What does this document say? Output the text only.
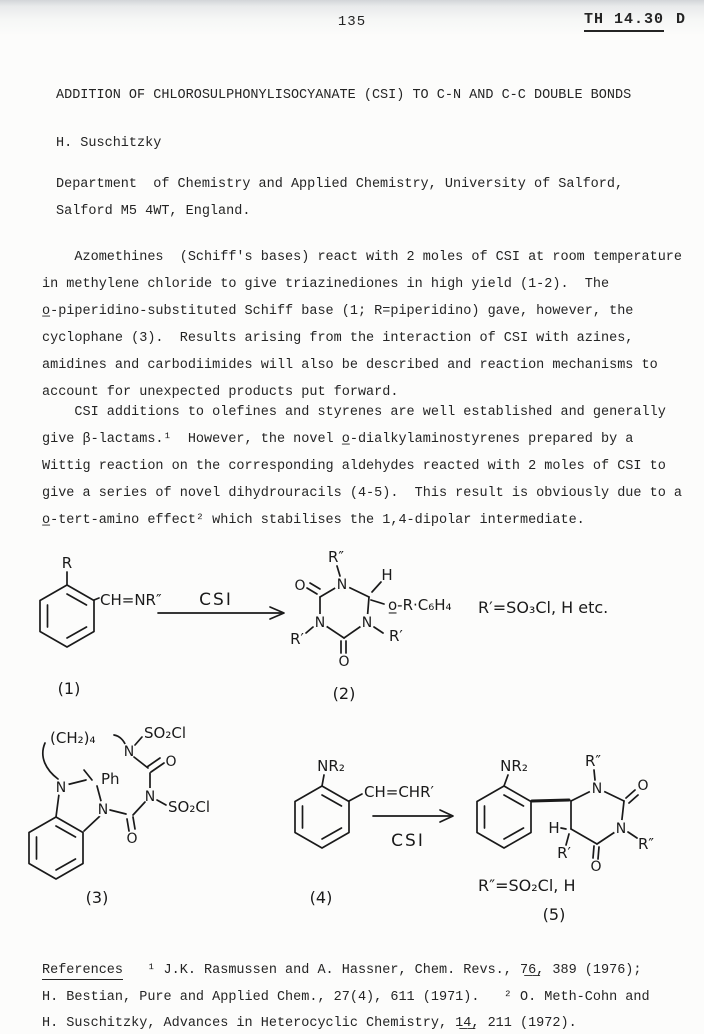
135	TH 14.30 D
ADDITION OF CHLOROSULPHONYLISOCYANATE (CSI) TO C-N AND C-C DOUBLE BONDS
H. Suschitzky
Department  of Chemistry and Applied Chemistry, University of Salford,
Salford M5 4WT, England.
Azomethines  (Schiff's bases) react with 2 moles of CSI at room temperature
in methylene chloride to give triazinediones in high yield (1-2).  The
o̲-piperidino-substituted Schiff base (1; R=piperidino) gave, however, the
cyclophane (3).  Results arising from the interaction of CSI with azines,
amidines and carbodiimides will also be described and reaction mechanisms to
account for unexpected products put forward.
CSI additions to olefines and styrenes are well established and generally
give β-lactams.¹  However, the novel o̲-dialkylaminostyrenes prepared by a
Wittig reaction on the corresponding aldehydes reacted with 2 moles of CSI to
give a series of novel dihydrouracils (4-5).  This result is obviously due to a
o̲-tert-amino effect² which stabilises the 1,4-dipolar intermediate.
R
CH=NR″
(1)
CSI
N
N
N
R″
O
H
o̲-R·C₆H₄
R′
R′
O
(2)
R′=SO₃Cl, H etc.
N
N
Ph
(CH₂)₄
N
SO₂Cl
O
N
SO₂Cl
O
(3)
NR₂
CH=CHR′
(4)
CSI
NR₂
N
N
R″
O
R″
O
H
R′
R″=SO₂Cl, H
(5)
References   ¹ J.K. Rasmussen and A. Hassner, Chem. Revs., 7̲6̲, 389 (1976);
H. Bestian, Pure and Applied Chem., 27(4), 611 (1971).   ² O. Meth-Cohn and
H. Suschitzky, Advances in Heterocyclic Chemistry, 1̲4̲, 211 (1972).
